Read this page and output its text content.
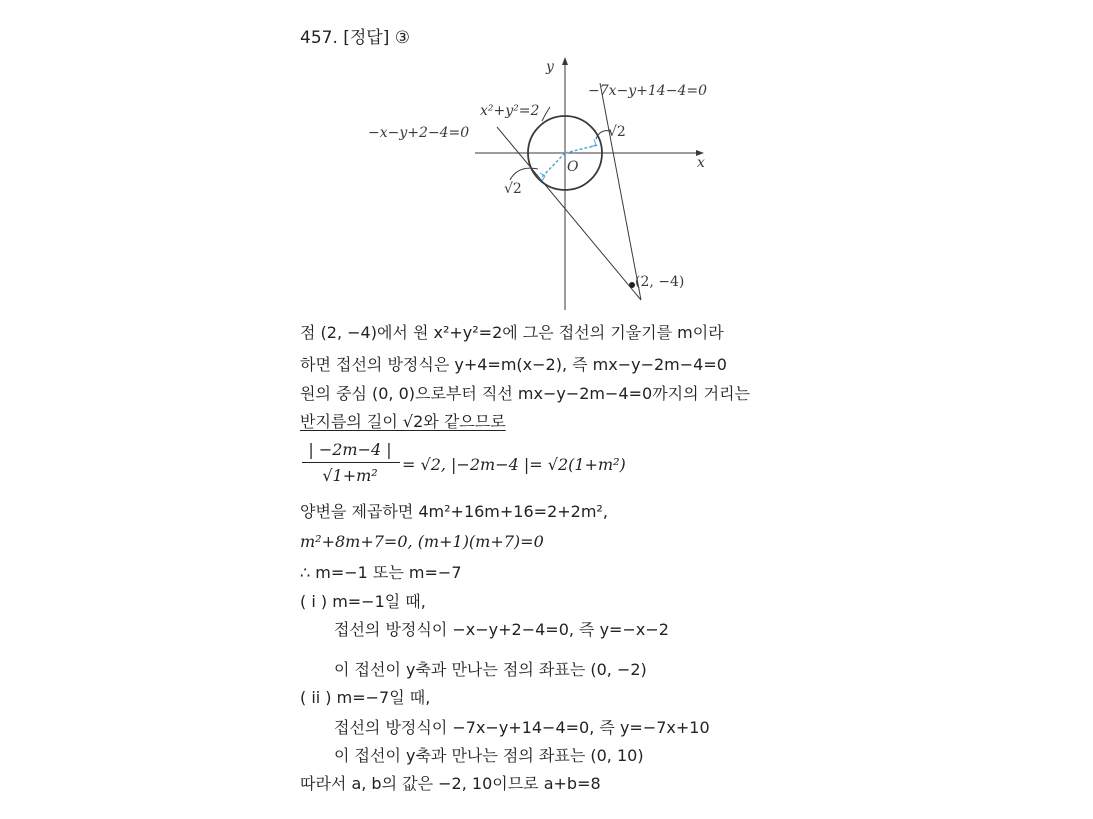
457. [정답] ③
y
x
O
x²+y²=2
−7x−y+14−4=0
−x−y+2−4=0	√2
√2
(2, −4)
점 (2, −4)에서 원 x²+y²=2에 그은 접선의 기울기를 m이라
하면 접선의 방정식은 y+4=m(x−2), 즉 mx−y−2m−4=0
원의 중심 (0, 0)으로부터 직선 mx−y−2m−4=0까지의 거리는
반지름의 길이 √2와 같으므로
| −2m−4 |
√1+m²
= √2, |−2m−4 |= √2(1+m²)
양변을 제곱하면 4m²+16m+16=2+2m²,
m²+8m+7=0, (m+1)(m+7)=0
∴ m=−1 또는 m=−7
( i ) m=−1일 때,
접선의 방정식이 −x−y+2−4=0, 즉 y=−x−2
이 접선이 y축과 만나는 점의 좌표는 (0, −2)
( ii ) m=−7일 때,
접선의 방정식이 −7x−y+14−4=0, 즉 y=−7x+10
이 접선이 y축과 만나는 점의 좌표는 (0, 10)
따라서 a, b의 값은 −2, 10이므로 a+b=8
